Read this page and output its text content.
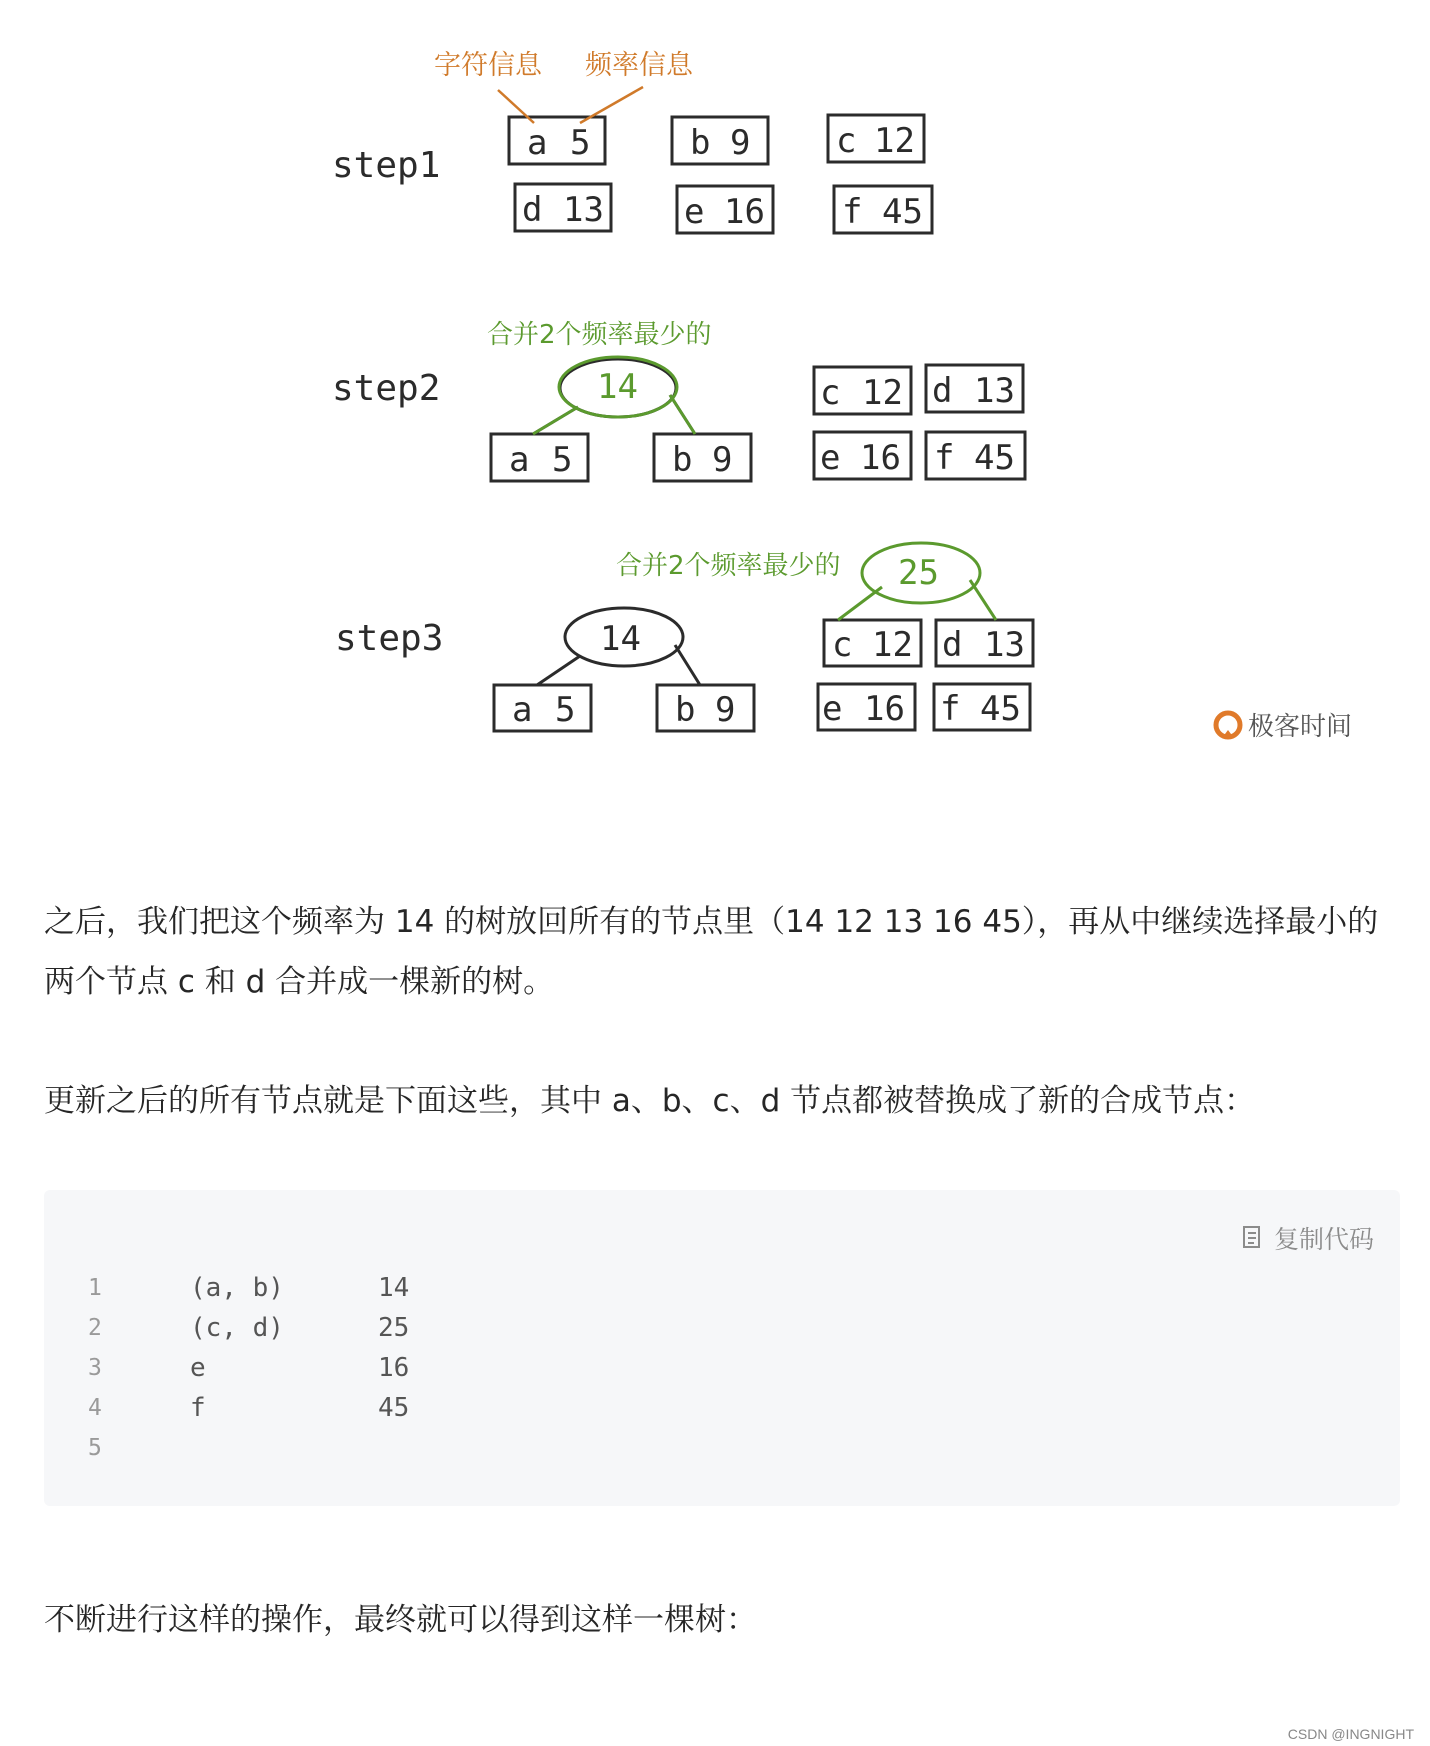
step1
step2
step3
字符信息 频率信息
合并2个频率最少的
合并2个频率最少的
a 5	b 9	c 12
d 13 e 16 f 45
a 5	b 9
c 12 d 13
e 16 f 45
a 5	b 9
c 12 d 13
e 16 f 45
14
14
25
极客时间

之后，我们把这个频率为 14 的树放回所有的节点里（14 12 13 16 45），再从中继续选择最小的两个节点 c 和 d 合并成一棵新的树。

更新之后的所有节点就是下面这些，其中 a、b、c、d 节点都被替换成了新的合成节点：

复制代码
1	(a, b)	14
2	(c, d)	25
3	e	16
4	f	45
5

不断进行这样的操作，最终就可以得到这样一棵树：

CSDN @INGNIGHT
